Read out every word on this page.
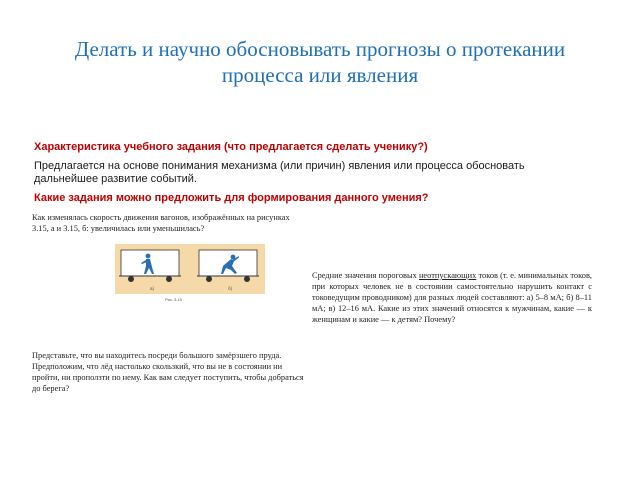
Делать и научно обосновывать прогнозы о протекании процесса или явления
Характеристика учебного задания (что предлагается сделать ученику?)
Предлагается на основе понимания механизма (или причин) явления или процесса обосновать дальнейшее развитие событий.
Какие задания можно предложить для формирования данного умения?
Как изменялась скорость движения вагонов, изображённых на рисунках 3.15, а и 3.15, б: увеличилась или уменьшилась?
а)	б)
Рис. 3.15
Средние значения пороговых неотпускающих токов (т. е. минимальных токов, при которых человек не в состоянии самостоятельно нарушить контакт с токоведущим проводником) для разных людей составляют: а) 5–8 мА; б) 8–11 мА; в) 12–16 мА. Какие из этих значений относятся к мужчинам, какие — к женщинам и какие — к детям? Почему?
Представьте, что вы находитесь посреди большого замёрзшего пруда. Предположим, что лёд настолько скользкий, что вы не в состоянии ни пройти, ни проползти по нему. Как вам следует поступить, чтобы добраться до берега?
